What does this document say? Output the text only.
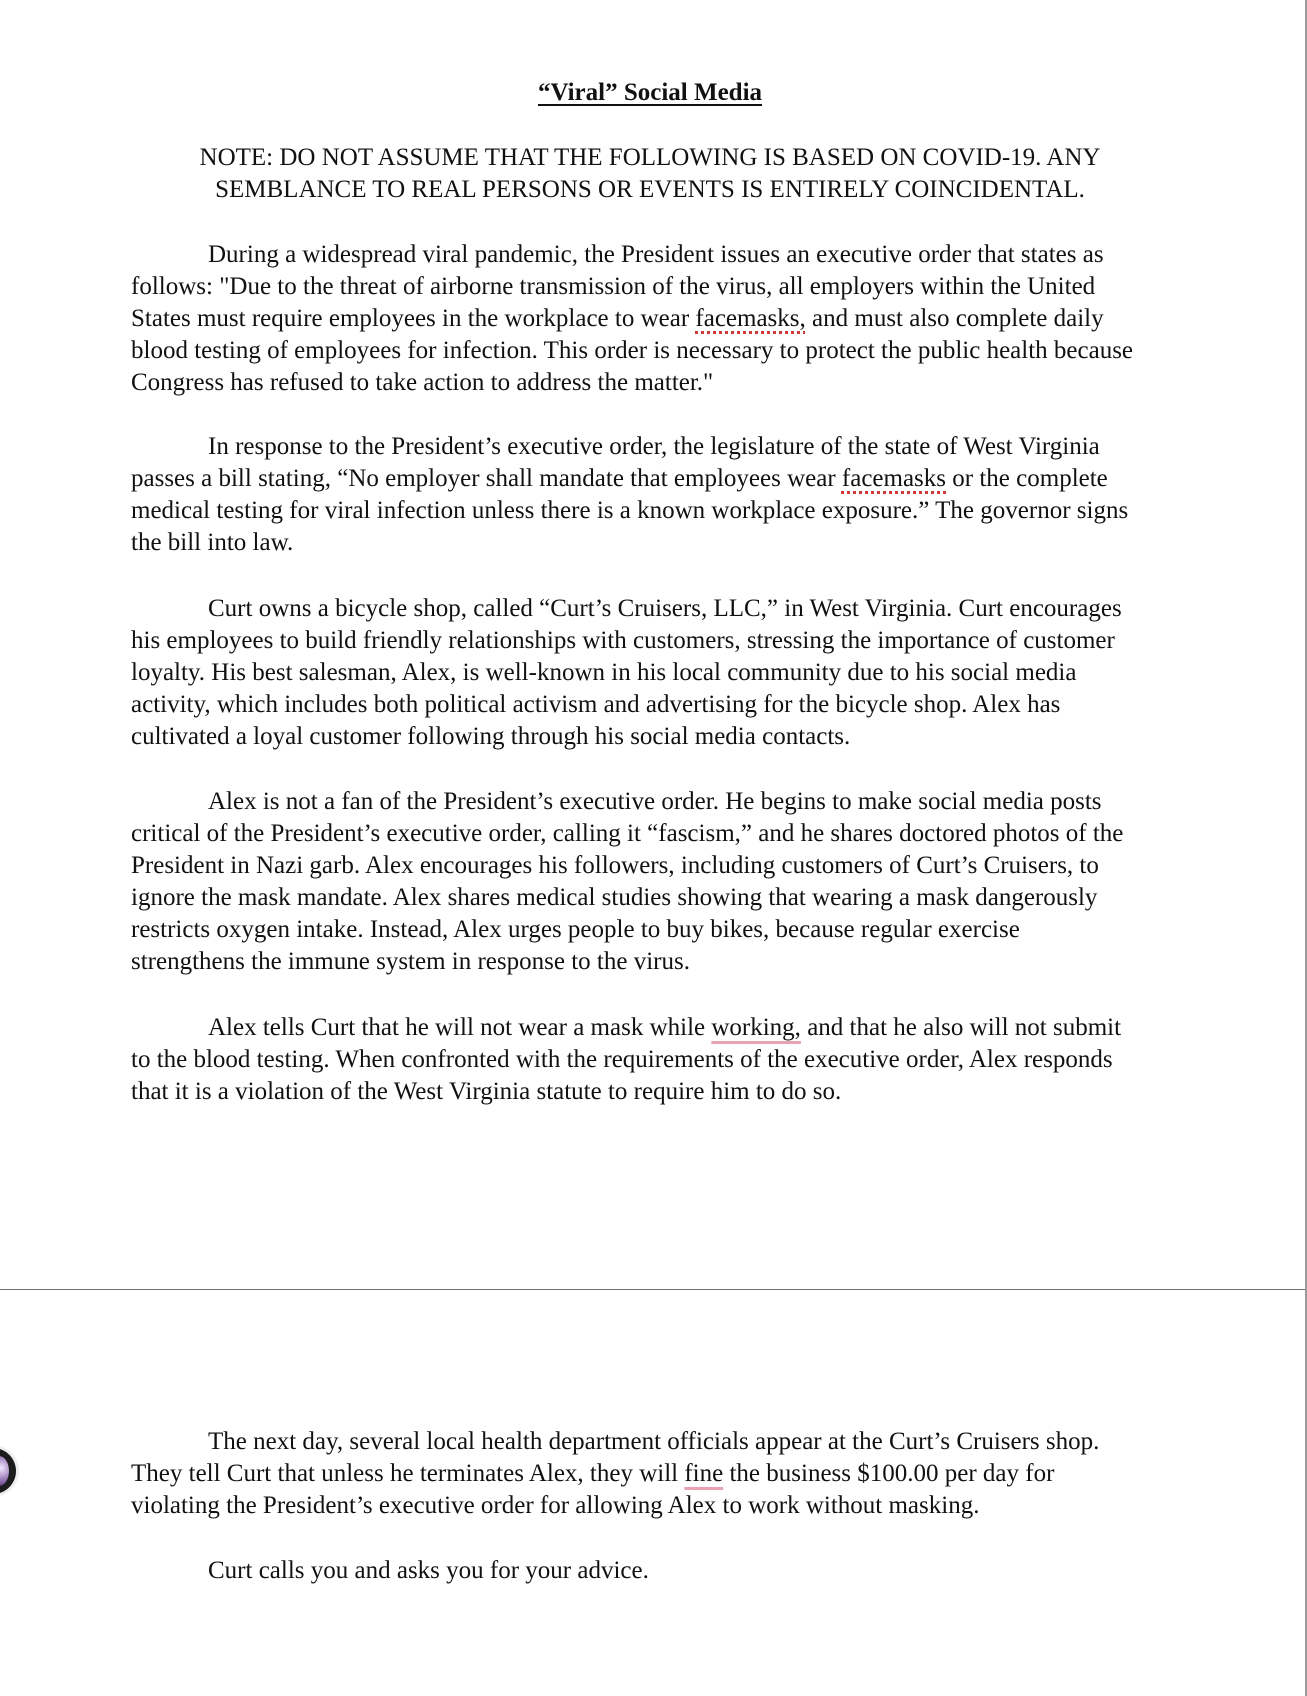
“Viral” Social Media
NOTE: DO NOT ASSUME THAT THE FOLLOWING IS BASED ON COVID-19. ANY
SEMBLANCE TO REAL PERSONS OR EVENTS IS ENTIRELY COINCIDENTAL.
During a widespread viral pandemic, the President issues an executive order that states as
follows: "Due to the threat of airborne transmission of the virus, all employers within the United
States must require employees in the workplace to wear facemasks, and must also complete daily
blood testing of employees for infection. This order is necessary to protect the public health because
Congress has refused to take action to address the matter."
In response to the President’s executive order, the legislature of the state of West Virginia
passes a bill stating, “No employer shall mandate that employees wear facemasks or the complete
medical testing for viral infection unless there is a known workplace exposure.” The governor signs
the bill into law.
Curt owns a bicycle shop, called “Curt’s Cruisers, LLC,” in West Virginia. Curt encourages
his employees to build friendly relationships with customers, stressing the importance of customer
loyalty. His best salesman, Alex, is well-known in his local community due to his social media
activity, which includes both political activism and advertising for the bicycle shop. Alex has
cultivated a loyal customer following through his social media contacts.
Alex is not a fan of the President’s executive order. He begins to make social media posts
critical of the President’s executive order, calling it “fascism,” and he shares doctored photos of the
President in Nazi garb. Alex encourages his followers, including customers of Curt’s Cruisers, to
ignore the mask mandate. Alex shares medical studies showing that wearing a mask dangerously
restricts oxygen intake. Instead, Alex urges people to buy bikes, because regular exercise
strengthens the immune system in response to the virus.
Alex tells Curt that he will not wear a mask while working, and that he also will not submit
to the blood testing. When confronted with the requirements of the executive order, Alex responds
that it is a violation of the West Virginia statute to require him to do so.
The next day, several local health department officials appear at the Curt’s Cruisers shop.
They tell Curt that unless he terminates Alex, they will fine the business $100.00 per day for
violating the President’s executive order for allowing Alex to work without masking.
Curt calls you and asks you for your advice.
